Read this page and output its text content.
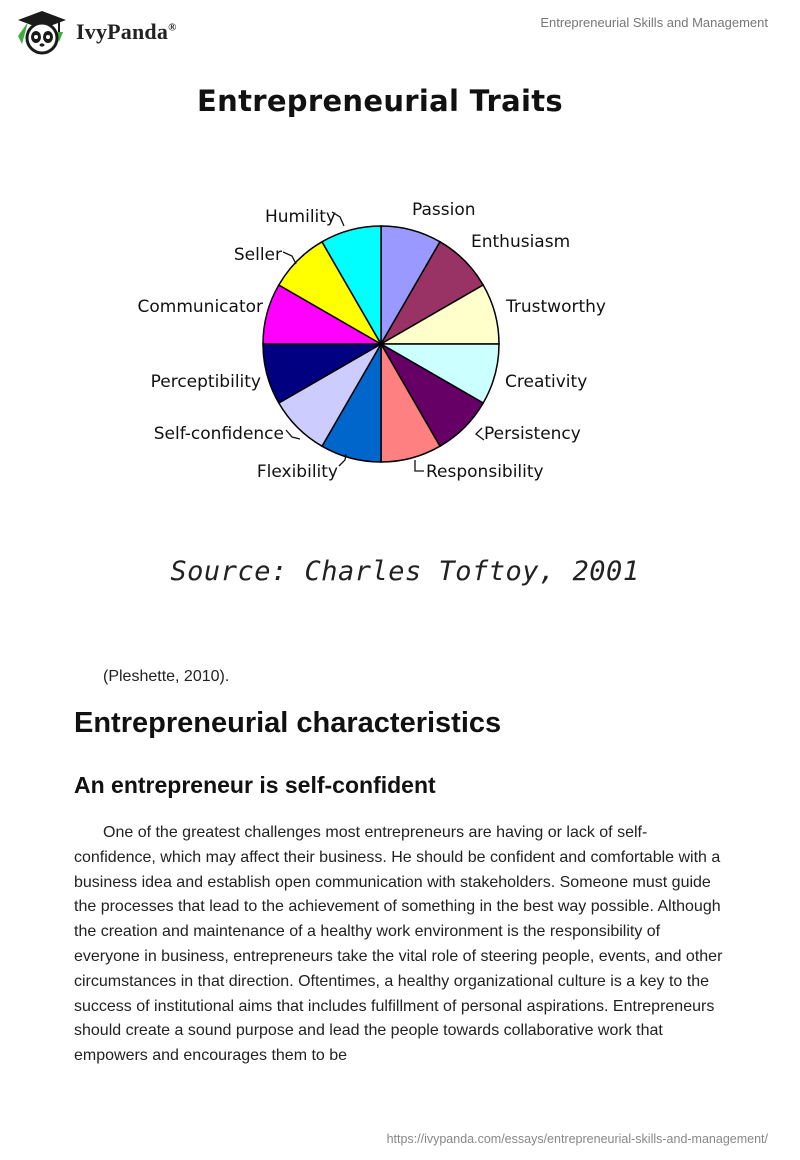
IvyPanda®	Entrepreneurial Skills and Management
Entrepreneurial Traits
Passion
Enthusiasm
Trustworthy
Creativity
Persistency
Responsibility
Flexibility
Self-confidence
Perceptibility
Communicator
Seller
Humility
Source: Charles Toftoy, 2001
(Pleshette, 2010).
Entrepreneurial characteristics
An entrepreneur is self-confident

One of the greatest challenges most entrepreneurs are having or lack of self-confidence, which may affect their business. He should be confident and comfortable with a business idea and establish open communication with stakeholders. Someone must guide the processes that lead to the achievement of something in the best way possible. Although the creation and maintenance of a healthy work environment is the responsibility of everyone in business, entrepreneurs take the vital role of steering people, events, and other circumstances in that direction. Oftentimes, a healthy organizational culture is a key to the success of institutional aims that includes fulfillment of personal aspirations. Entrepreneurs should create a sound purpose and lead the people towards collaborative work that empowers and encourages them to be

https://ivypanda.com/essays/entrepreneurial-skills-and-management/
